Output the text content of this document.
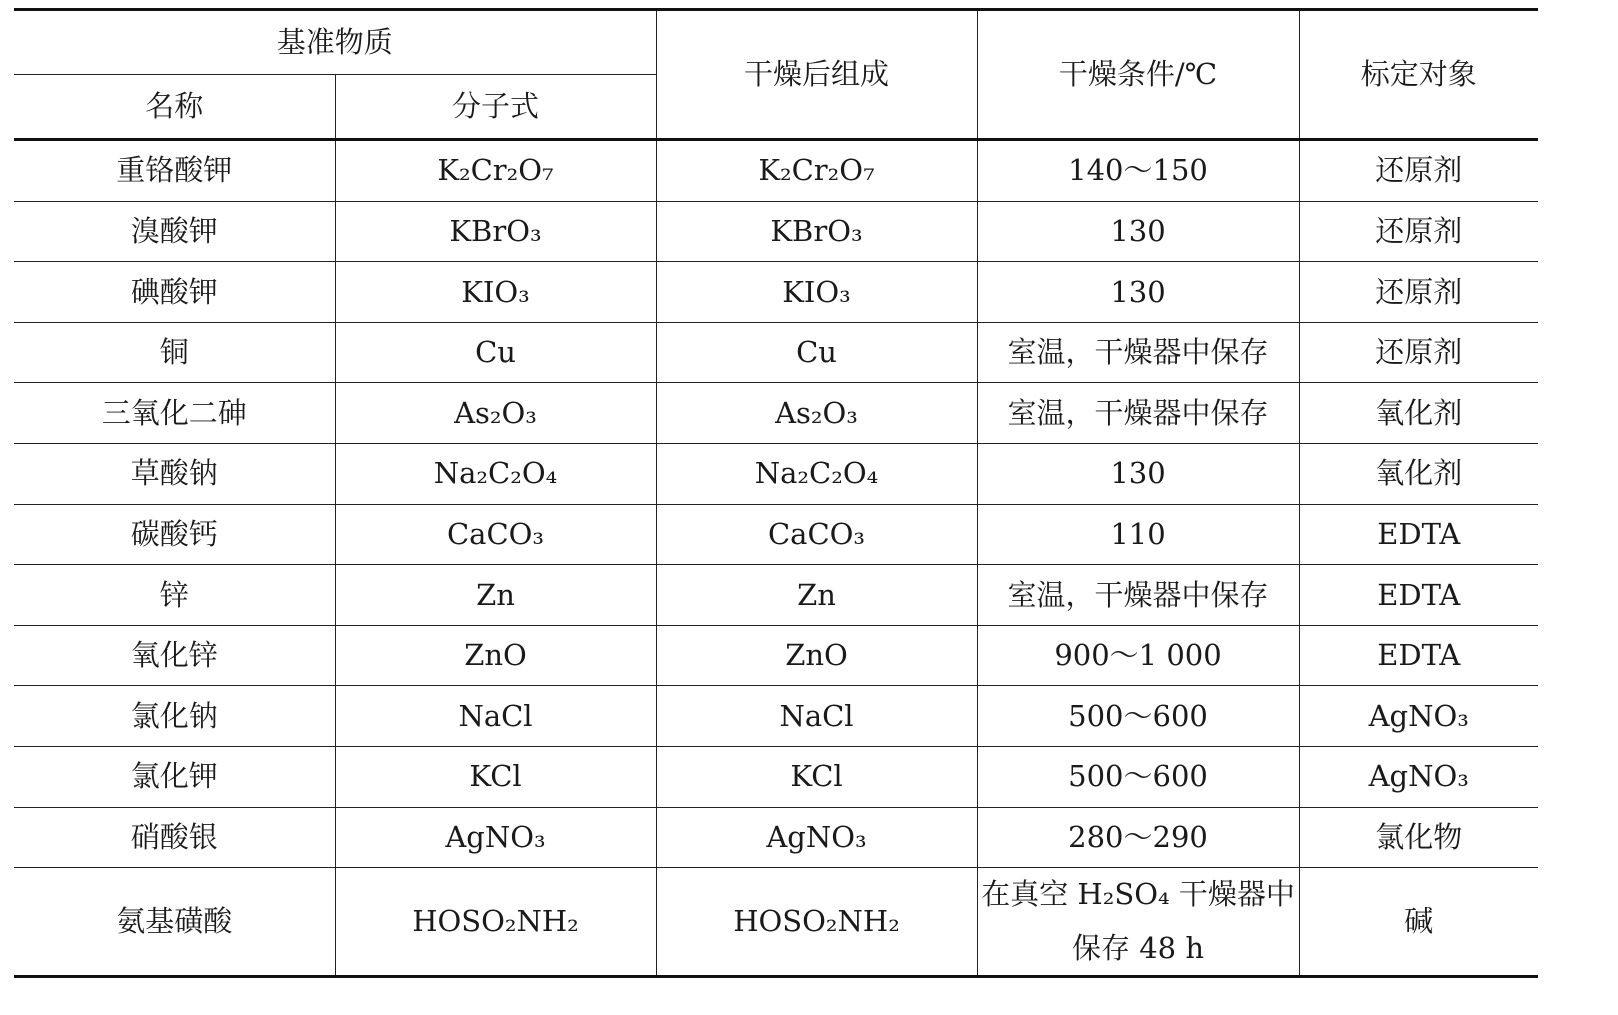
基准物质		干燥后组成	干燥条件/℃	标定对象
名称	分子式			
重铬酸钾	K₂Cr₂O₇	K₂Cr₂O₇	140～150	还原剂
溴酸钾	KBrO₃	KBrO₃	130	还原剂
碘酸钾	KIO₃	KIO₃	130	还原剂
铜	Cu	Cu	室温，干燥器中保存	还原剂
三氧化二砷	As₂O₃	As₂O₃	室温，干燥器中保存	氧化剂
草酸钠	Na₂C₂O₄	Na₂C₂O₄	130	氧化剂
碳酸钙	CaCO₃	CaCO₃	110	EDTA
锌	Zn	Zn	室温，干燥器中保存	EDTA
氧化锌	ZnO	ZnO	900～1 000	EDTA
氯化钠	NaCl	NaCl	500～600	AgNO₃
氯化钾	KCl	KCl	500～600	AgNO₃
硝酸银	AgNO₃	AgNO₃	280～290	氯化物
氨基磺酸	HOSO₂NH₂	HOSO₂NH₂	在真空 H₂SO₄ 干燥器中保存 48 h	碱
